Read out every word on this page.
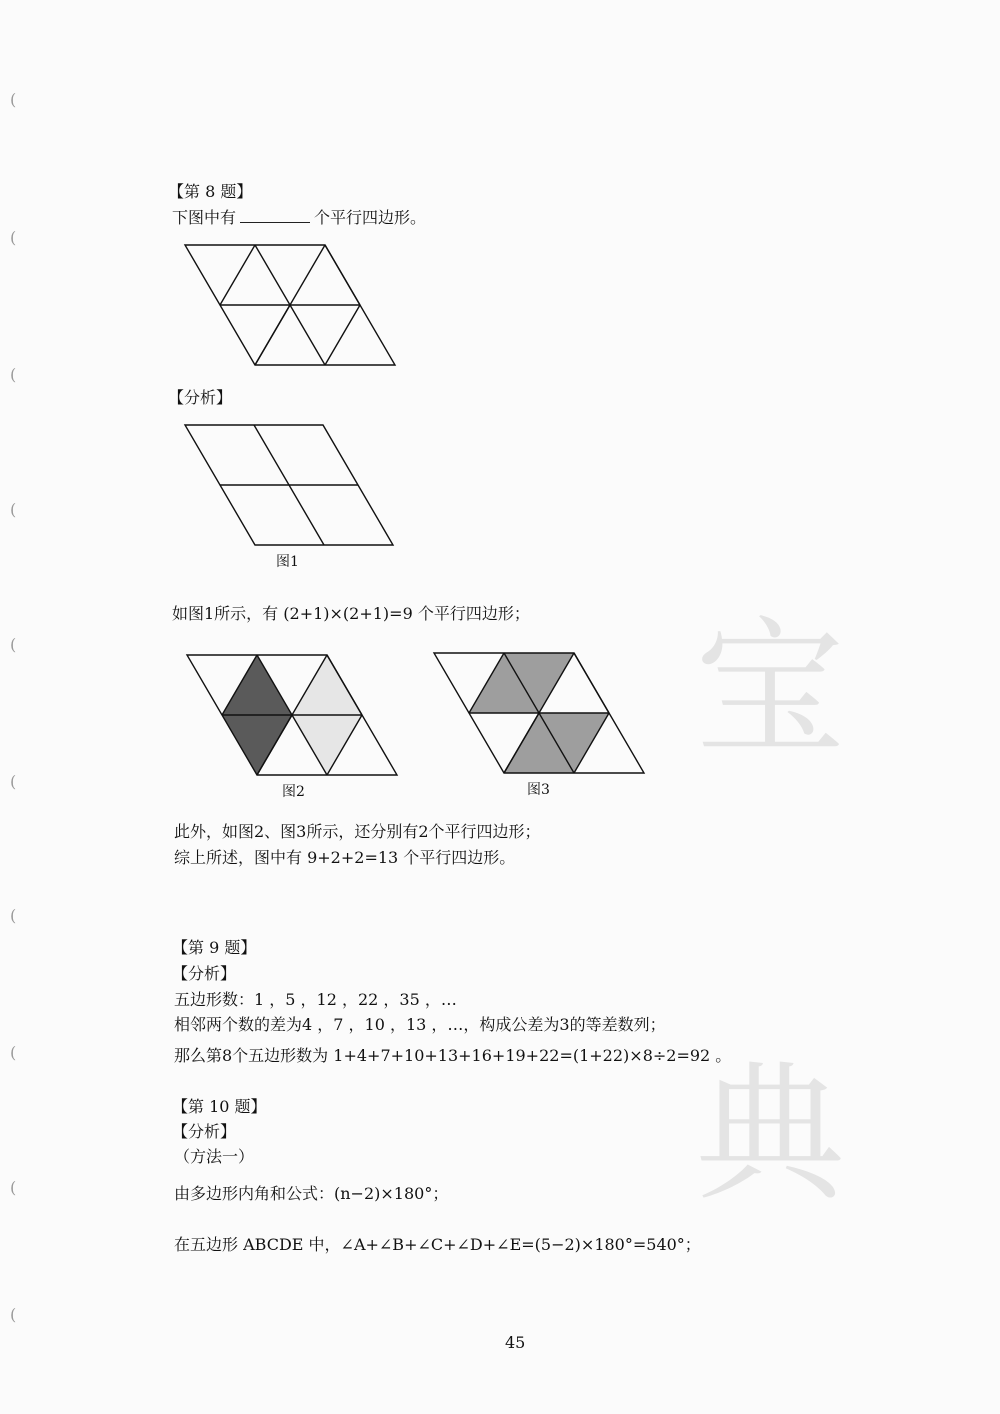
宝
典
(
(
(
(
(
(
(
(
(
(
【第 8 题】
下图中有	个平行四边形。
【分析】
图1
如图1所示，有 (2+1)×(2+1)=9 个平行四边形；
图2	图3
此外，如图2、图3所示，还分别有2个平行四边形；
综上所述，图中有 9+2+2=13 个平行四边形。
【第 9 题】
【分析】
五边形数：1 ，5 ，12 ，22 ，35 ，…
相邻两个数的差为4 ，7 ，10 ，13 ，…，构成公差为3的等差数列；
那么第8个五边形数为 1+4+7+10+13+16+19+22=(1+22)×8÷2=92 。
【第 10 题】
【分析】
（方法一）
由多边形内角和公式：(n−2)×180°；
在五边形 ABCDE 中，∠A+∠B+∠C+∠D+∠E=(5−2)×180°=540°；
45
